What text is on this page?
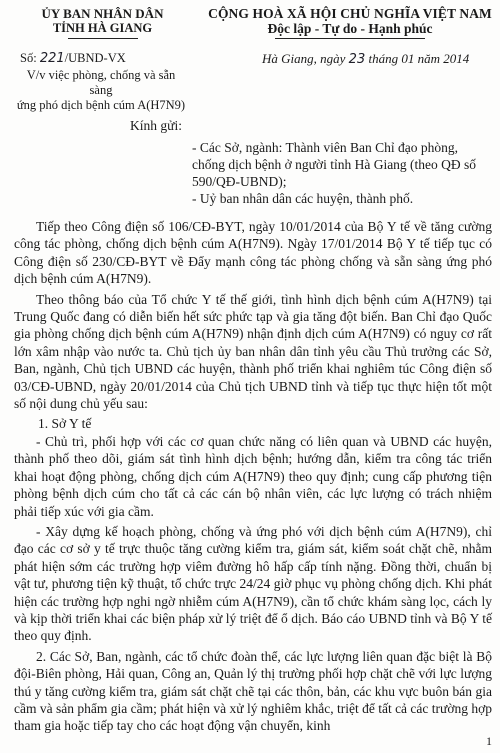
ỦY BAN NHÂN DÂN
TỈNH HÀ GIANG
CỘNG HOÀ XÃ HỘI CHỦ NGHĨA VIỆT NAM
Độc lập - Tự do - Hạnh phúc
Số: 221/UBND-VX
V/v việc phòng, chống và sẵn sàng
ứng phó dịch bệnh cúm A(H7N9)
Hà Giang, ngày 23 tháng 01 năm 2014
Kính gửi:

- Các Sở, ngành: Thành viên Ban Chỉ đạo phòng, chống dịch bệnh ở người tỉnh Hà Giang (theo QĐ số 590/QĐ-UBND);

- Uỷ ban nhân dân các huyện, thành phố.

Tiếp theo Công điện số 106/CĐ-BYT, ngày 10/01/2014 của Bộ Y tế về tăng cường công tác phòng, chống dịch bệnh cúm A(H7N9). Ngày 17/01/2014 Bộ Y tế tiếp tục có Công điện số 230/CĐ-BYT về Đẩy mạnh công tác phòng chống và sẵn sàng ứng phó dịch bệnh cúm A(H7N9).

Theo thông báo của Tổ chức Y tế thế giới, tình hình dịch bệnh cúm A(H7N9) tại Trung Quốc đang có diễn biến hết sức phức tạp và gia tăng đột biến. Ban Chỉ đạo Quốc gia phòng chống dịch bệnh cúm A(H7N9) nhận định dịch cúm A(H7N9) có nguy cơ rất lớn xâm nhập vào nước ta. Chủ tịch ủy ban nhân dân tỉnh yêu cầu Thủ trưởng các Sở, Ban, ngành, Chủ tịch UBND các huyện, thành phố triển khai nghiêm túc Công điện số 03/CĐ-UBND, ngày 20/01/2014 của Chủ tịch UBND tỉnh và tiếp tục thực hiện tốt một số nội dung chủ yếu sau:

1. Sở Y tế

- Chủ trì, phối hợp với các cơ quan chức năng có liên quan và UBND các huyện, thành phố theo dõi, giám sát tình hình dịch bệnh; hướng dẫn, kiểm tra công tác triển khai hoạt động phòng, chống dịch cúm A(H7N9) theo quy định; cung cấp phương tiện phòng bệnh dịch cúm cho tất cả các cán bộ nhân viên, các lực lượng có trách nhiệm phải tiếp xúc với gia cầm.

- Xây dựng kế hoạch phòng, chống và ứng phó với dịch bệnh cúm A(H7N9), chỉ đạo các cơ sở y tế trực thuộc tăng cường kiểm tra, giám sát, kiểm soát chặt chẽ, nhằm phát hiện sớm các trường hợp viêm đường hô hấp cấp tính nặng. Đồng thời, chuẩn bị vật tư, phương tiện kỹ thuật, tổ chức trực 24/24 giờ phục vụ phòng chống dịch. Khi phát hiện các trường hợp nghi ngờ nhiễm cúm A(H7N9), cần tổ chức khám sàng lọc, cách ly và kịp thời triển khai các biện pháp xử lý triệt để ổ dịch. Báo cáo UBND tỉnh và Bộ Y tế theo quy định.

2. Các Sở, Ban, ngành, các tổ chức đoàn thể, các lực lượng liên quan đặc biệt là Bộ đội-Biên phòng, Hải quan, Công an, Quản lý thị trường phối hợp chặt chẽ với lực lượng thú y tăng cường kiểm tra, giám sát chặt chẽ tại các thôn, bản, các khu vực buôn bán gia cầm và sản phẩm gia cầm; phát hiện và xử lý nghiêm khắc, triệt để tất cả các trường hợp tham gia hoặc tiếp tay cho các hoạt động vận chuyển, kinh

1
